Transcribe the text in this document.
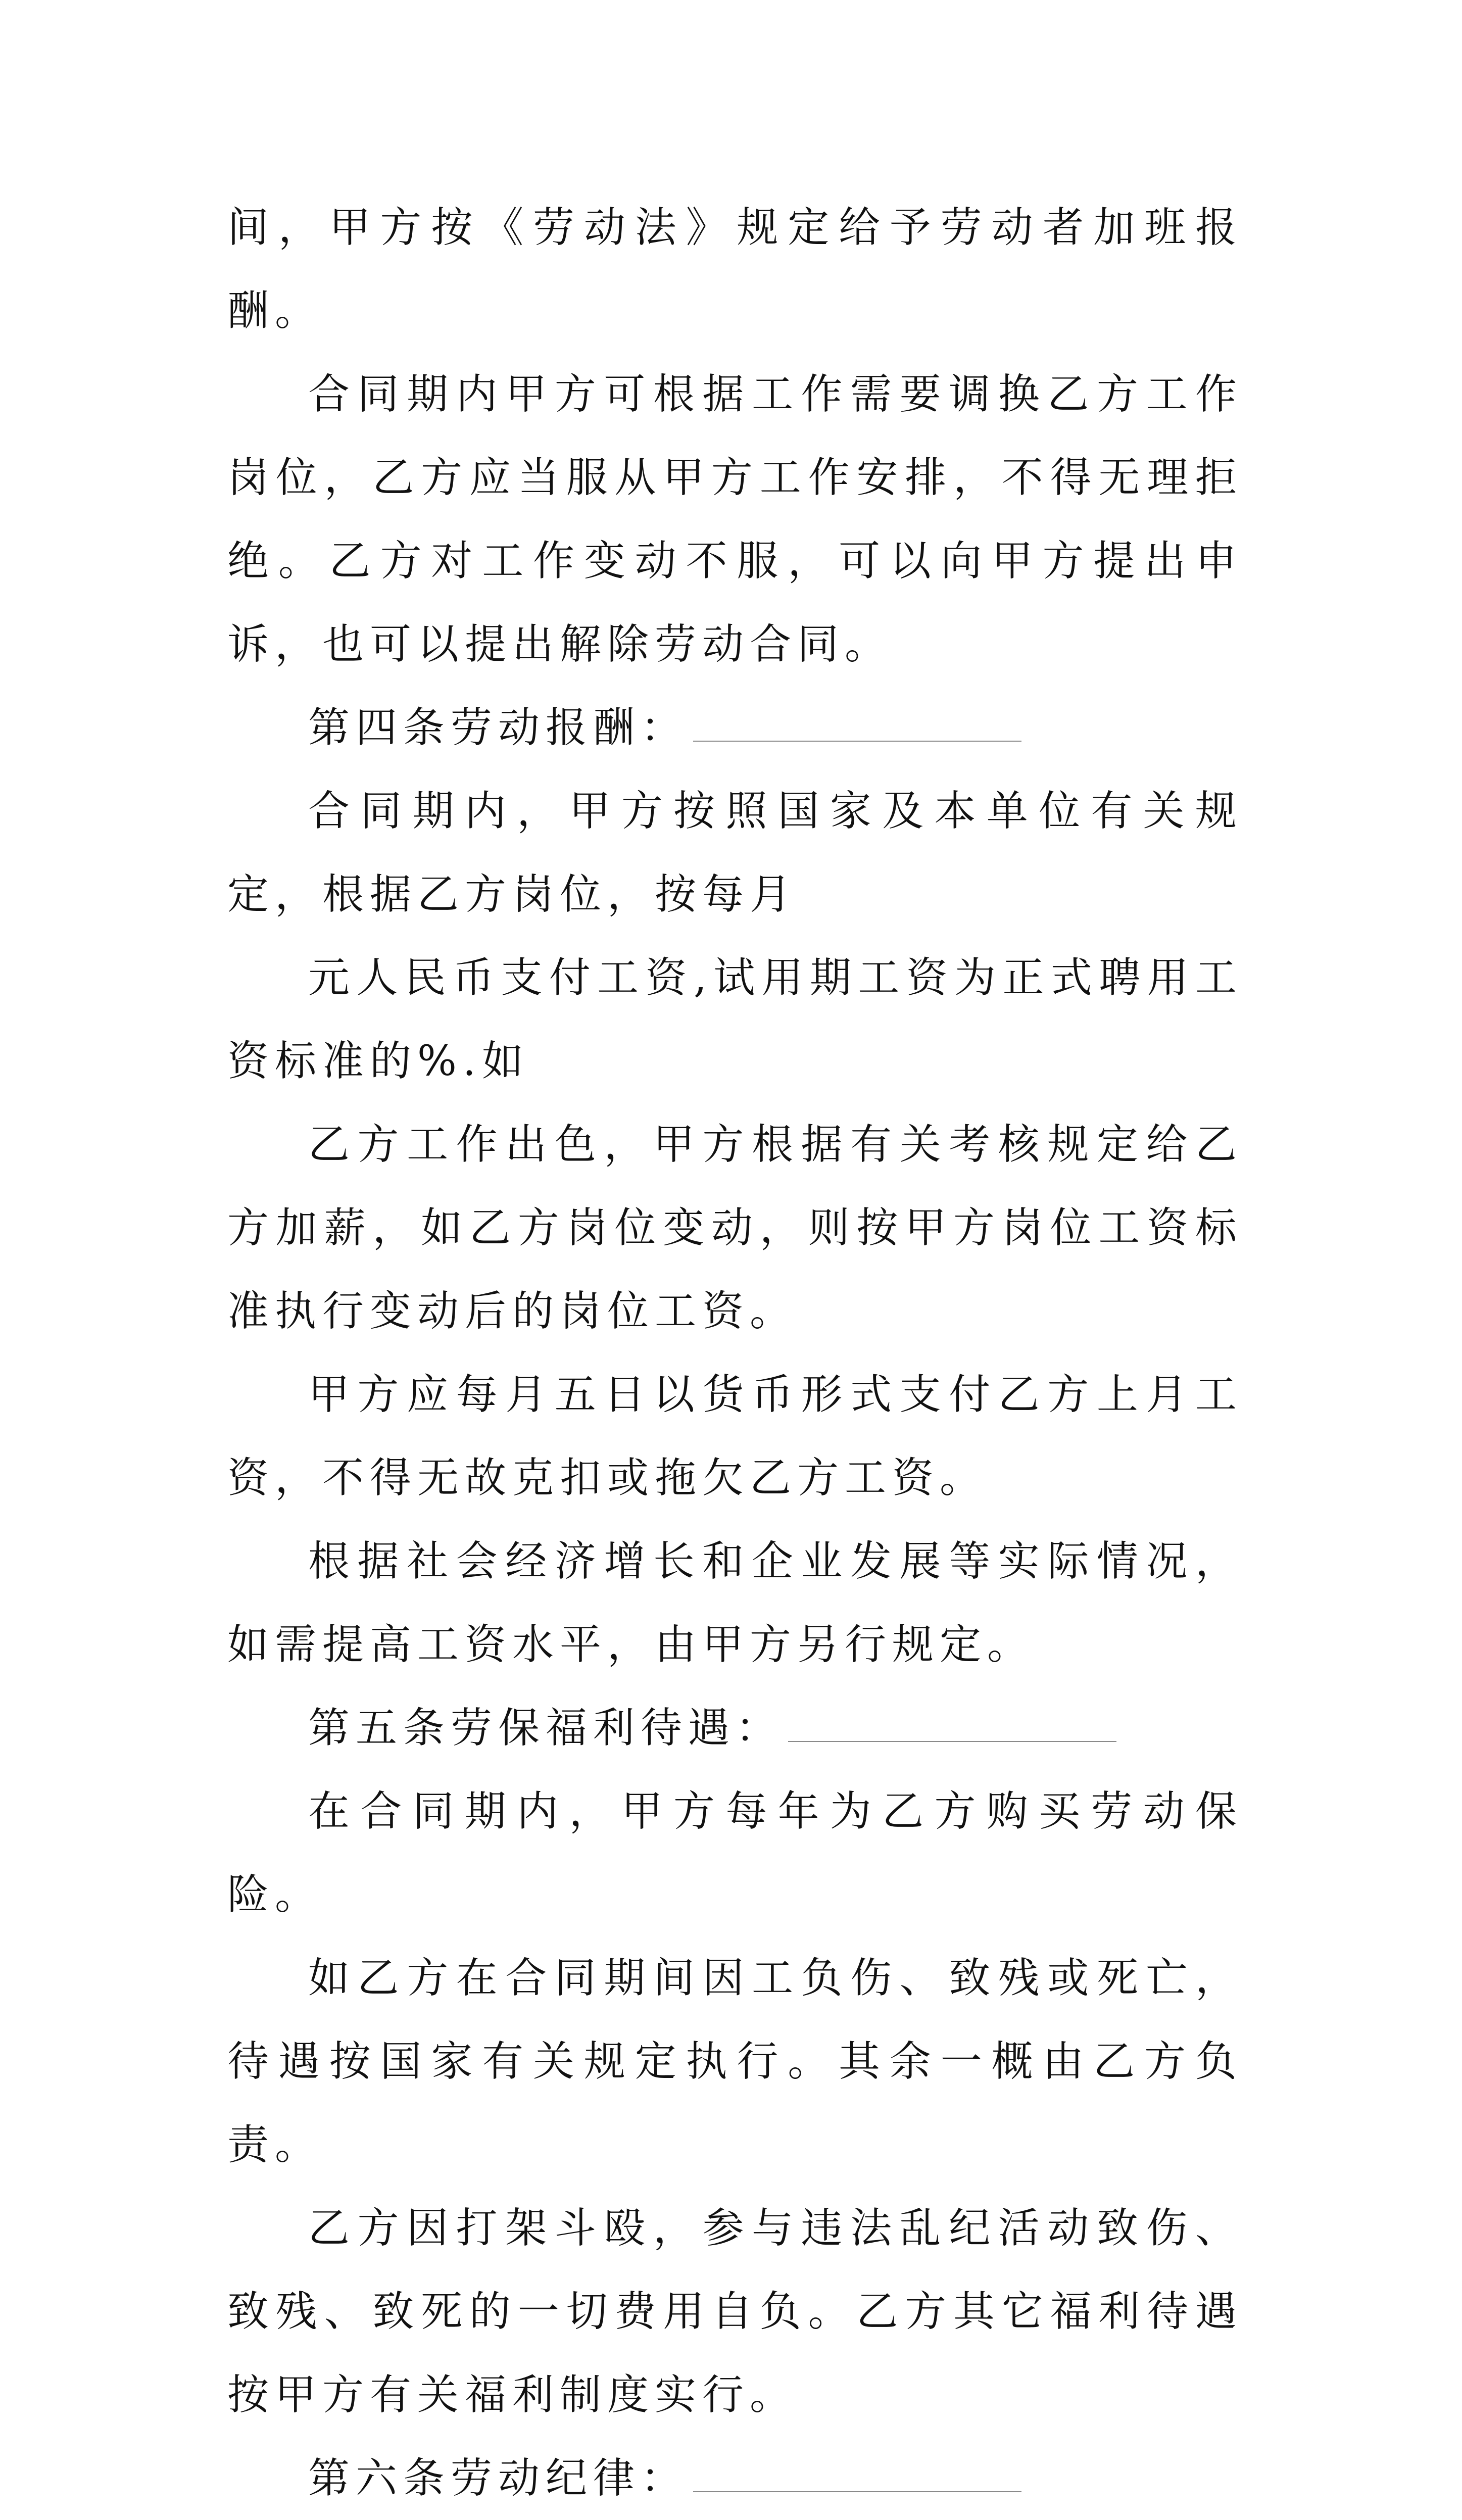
间，甲方按《劳动法》规定给予劳动者加班报酬。

合同期内甲方可根据工作需要调换乙方工作岗位，乙方应当服从甲方工作安排，不得无理拒绝。乙方对工作变动不服，可以向甲方提出申诉，也可以提出解除劳动合同。

第四条劳动报酬：

合同期内，甲方按照国家及本单位有关规定，根据乙方岗位，按每月

元人民币支付工资,试用期工资为正式聘用工资标准的%.如

乙方工作出色，甲方根据有关考核规定给乙方加薪，如乙方岗位变动，则按甲方岗位工资标准执行变动后的岗位工资。

甲方应每月五日以货币形式支付乙方上月工资，不得无故克扣或拖欠乙方工资。

根据社会经济增长和企业发展等实际情况，如需提高工资水平，由甲方另行规定。

第五条劳保福利待遇：

在合同期内，甲方每年为乙方购买劳动保险。

如乙方在合同期间因工负伤、致残或死亡，待遇按国家有关规定执行。其余一概由乙方负责。

乙方因打架斗殴，参与违法乱纪活动致伤、致残、致死的一切费用自负。乙方其它福利待遇按甲方有关福利制度实行。

第六条劳动纪律：
